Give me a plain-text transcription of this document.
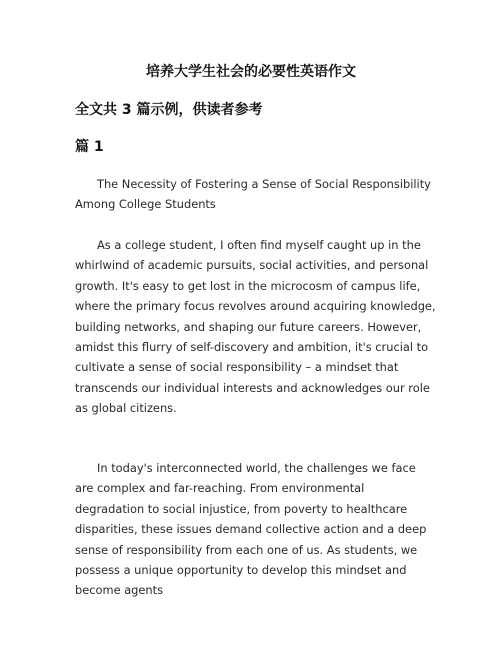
培养大学生社会的必要性英语作文
全文共 3 篇示例，供读者参考
篇 1

The Necessity of Fostering a Sense of Social Responsibility Among College Students

As a college student, I often find myself caught up in the whirlwind of academic pursuits, social activities, and personal growth. It's easy to get lost in the microcosm of campus life, where the primary focus revolves around acquiring knowledge, building networks, and shaping our future careers. However, amidst this flurry of self-discovery and ambition, it's crucial to cultivate a sense of social responsibility – a mindset that transcends our individual interests and acknowledges our role as global citizens.

In today's interconnected world, the challenges we face are complex and far-reaching. From environmental degradation to social injustice, from poverty to healthcare disparities, these issues demand collective action and a deep sense of responsibility from each one of us. As students, we possess a unique opportunity to develop this mindset and become agents
